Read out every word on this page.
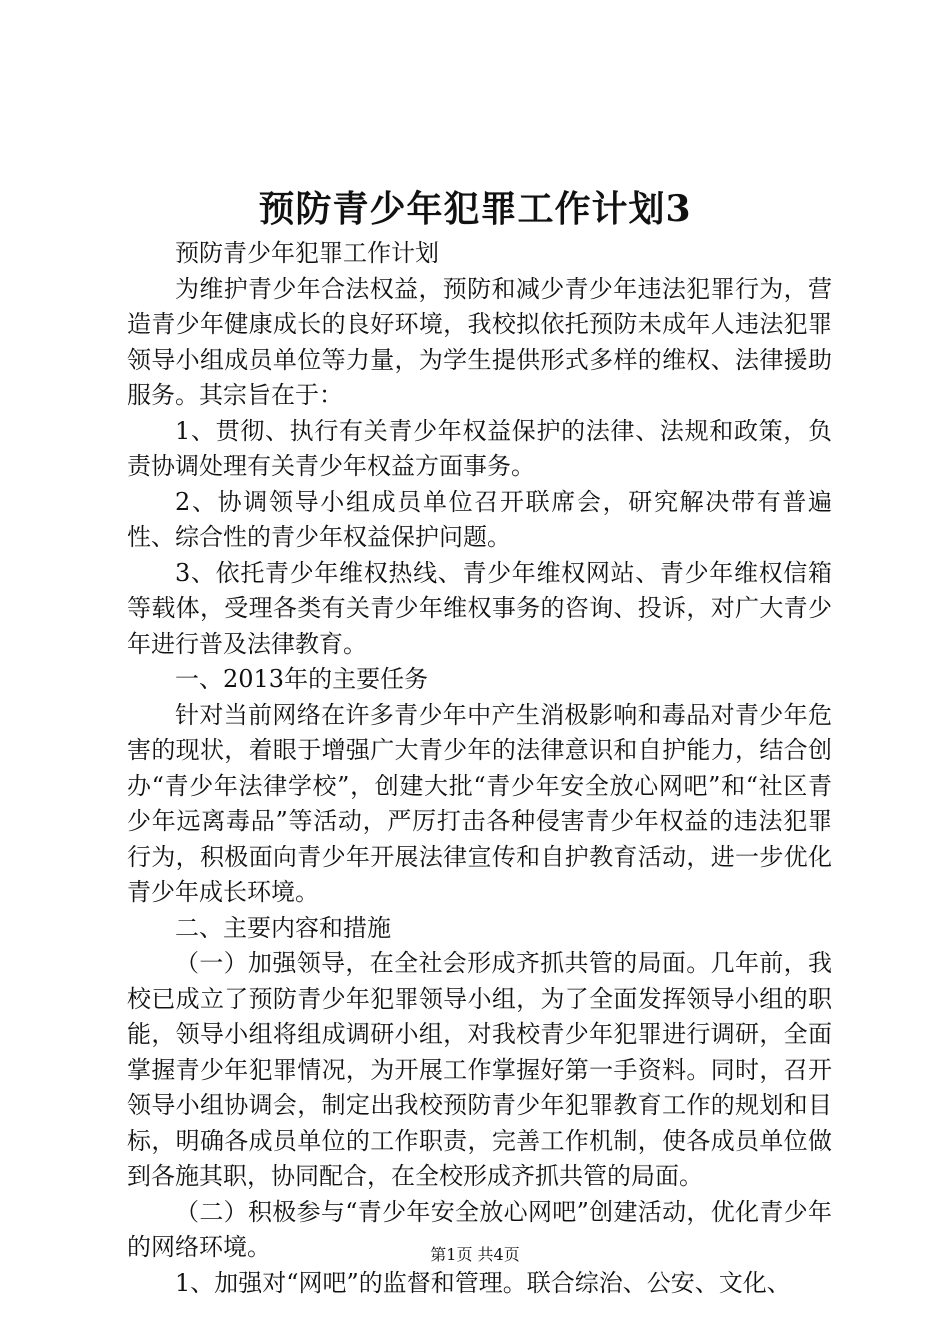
预防青少年犯罪工作计划3

预防青少年犯罪工作计划

为维护青少年合法权益，预防和减少青少年违法犯罪行为，营造青少年健康成长的良好环境，我校拟依托预防未成年人违法犯罪领导小组成员单位等力量，为学生提供形式多样的维权、法律援助服务。其宗旨在于：

1、贯彻、执行有关青少年权益保护的法律、法规和政策，负责协调处理有关青少年权益方面事务。

2、协调领导小组成员单位召开联席会，研究解决带有普遍性、综合性的青少年权益保护问题。

3、依托青少年维权热线、青少年维权网站、青少年维权信箱等载体，受理各类有关青少年维权事务的咨询、投诉，对广大青少年进行普及法律教育。

一、2013年的主要任务

针对当前网络在许多青少年中产生消极影响和毒品对青少年危害的现状，着眼于增强广大青少年的法律意识和自护能力，结合创办“青少年法律学校”，创建大批“青少年安全放心网吧”和“社区青少年远离毒品”等活动，严厉打击各种侵害青少年权益的违法犯罪行为，积极面向青少年开展法律宣传和自护教育活动，进一步优化青少年成长环境。

二、主要内容和措施

（一）加强领导，在全社会形成齐抓共管的局面。几年前，我校已成立了预防青少年犯罪领导小组，为了全面发挥领导小组的职能，领导小组将组成调研小组，对我校青少年犯罪进行调研，全面掌握青少年犯罪情况，为开展工作掌握好第一手资料。同时，召开领导小组协调会，制定出我校预防青少年犯罪教育工作的规划和目标，明确各成员单位的工作职责，完善工作机制，使各成员单位做到各施其职，协同配合，在全校形成齐抓共管的局面。

（二）积极参与“青少年安全放心网吧”创建活动，优化青少年的网络环境。

1、加强对“网吧”的监督和管理。联合综治、公安、文化、

第1页 共4页
